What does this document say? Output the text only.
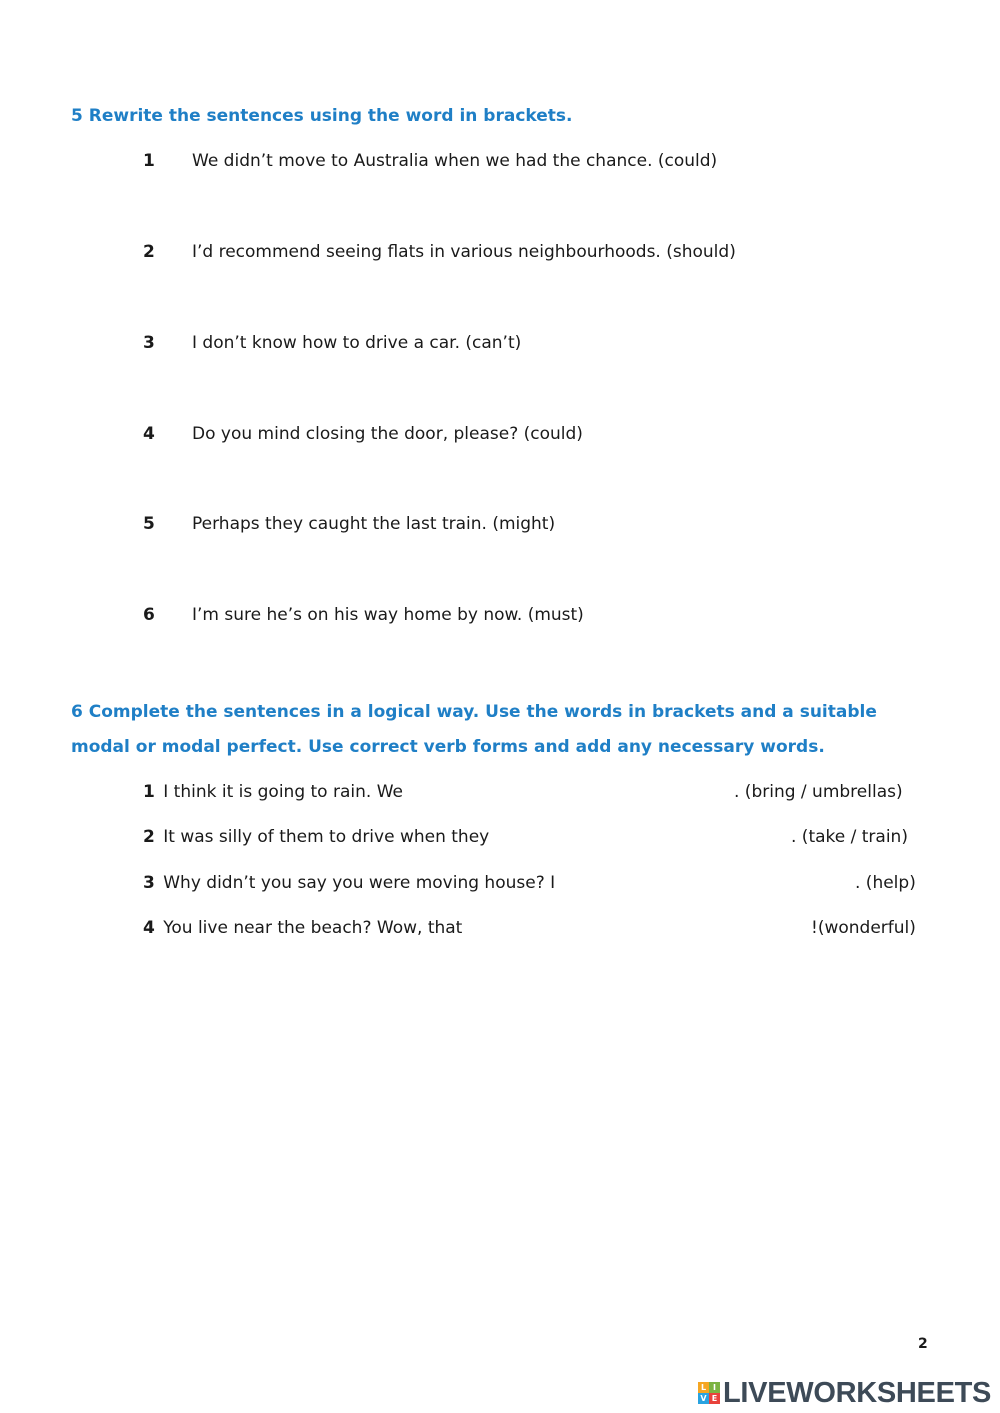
5 Rewrite the sentences using the word in brackets.
1 We didn’t move to Australia when we had the chance. (could)
2 I’d recommend seeing flats in various neighbourhoods. (should)
3 I don’t know how to drive a car. (can’t)
4 Do you mind closing the door, please? (could)
5 Perhaps they caught the last train. (might)
6 I’m sure he’s on his way home by now. (must)
6 Complete the sentences in a logical way. Use the words in brackets and a suitable modal or modal perfect. Use correct verb forms and add any necessary words.
1 I think it is going to rain. We	. (bring / umbrellas)
2 It was silly of them to drive when they	. (take / train)
3 Why didn’t you say you were moving house? I	. (help)
4 You live near the beach? Wow, that	!(wonderful)
2
L I
V E LIVEWORKSHEETS
